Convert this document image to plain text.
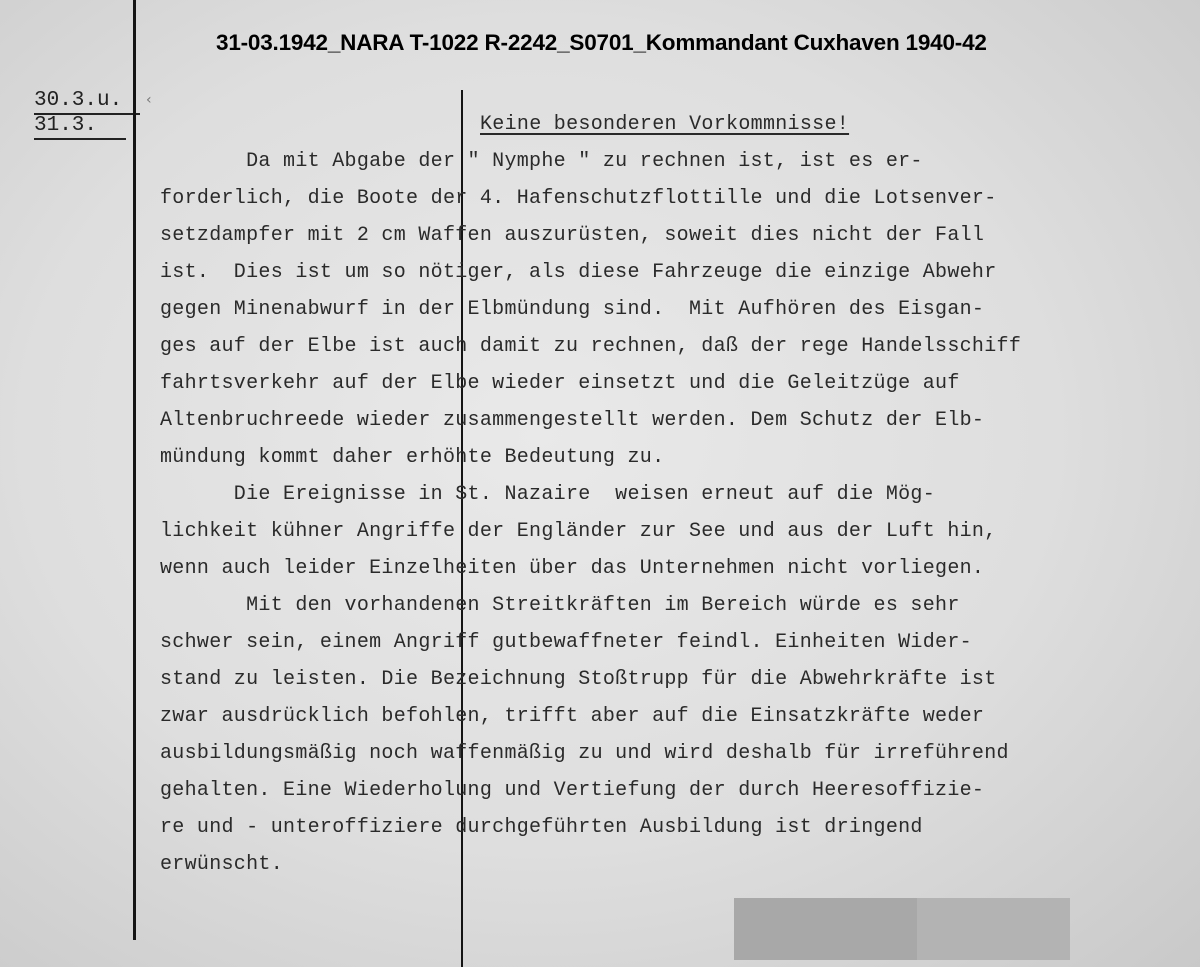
31-03.1942_NARA T-1022 R-2242_S0701_Kommandant Cuxhaven 1940-42
30.3.u.
31.3.
‹
Keine besonderen Vorkommnisse!
Da mit Abgabe der " Nymphe " zu rechnen ist, ist es er-
forderlich, die Boote der 4. Hafenschutzflottille und die Lotsenver-
setzdampfer mit 2 cm Waffen auszurüsten, soweit dies nicht der Fall
ist.  Dies ist um so nötiger, als diese Fahrzeuge die einzige Abwehr
gegen Minenabwurf in der Elbmündung sind.  Mit Aufhören des Eisgan-
ges auf der Elbe ist auch damit zu rechnen, daß der rege Handelsschiff
fahrtsverkehr auf der Elbe wieder einsetzt und die Geleitzüge auf
Altenbruchreede wieder zusammengestellt werden. Dem Schutz der Elb-
mündung kommt daher erhöhte Bedeutung zu.
Die Ereignisse in St. Nazaire  weisen erneut auf die Mög-
lichkeit kühner Angriffe der Engländer zur See und aus der Luft hin,
wenn auch leider Einzelheiten über das Unternehmen nicht vorliegen.
Mit den vorhandenen Streitkräften im Bereich würde es sehr
schwer sein, einem Angriff gutbewaffneter feindl. Einheiten Wider-
stand zu leisten. Die Bezeichnung Stoßtrupp für die Abwehrkräfte ist
zwar ausdrücklich befohlen, trifft aber auf die Einsatzkräfte weder
ausbildungsmäßig noch waffenmäßig zu und wird deshalb für irreführend
gehalten. Eine Wiederholung und Vertiefung der durch Heeresoffizie-
re und - unteroffiziere durchgeführten Ausbildung ist dringend
erwünscht.
